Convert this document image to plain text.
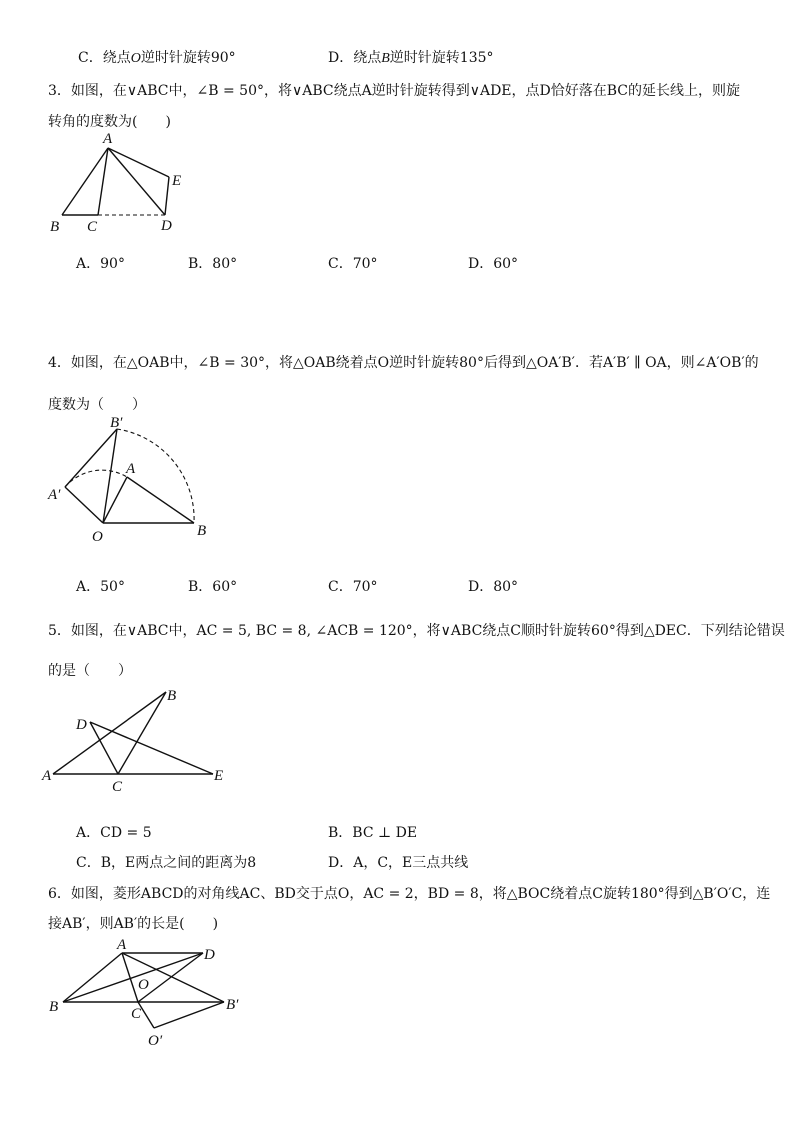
C．绕点O逆时针旋转90°	D．绕点B逆时针旋转135°
3．如图，在∨ABC中，∠B = 50°，将∨ABC绕点A逆时针旋转得到∨ADE，点D恰好落在BC的延长线上，则旋
转角的度数为(　　)
A
B C	D
E
A．90°	B．80°	C．70°	D．60°
4．如图，在△OAB中，∠B = 30°，将△OAB绕着点O逆时针旋转80°后得到△OA′B′．若A′B′ ∥ OA，则∠A′OB′的
度数为（　　）
B′
A′
A
O	B
A．50°	B．60°	C．70°	D．80°
5．如图，在∨ABC中，AC = 5, BC = 8, ∠ACB = 120°，将∨ABC绕点C顺时针旋转60°得到△DEC．下列结论错误
的是（　　）
B
D
A
C
E
A．CD = 5	B．BC ⊥ DE
C．B，E两点之间的距离为8	D．A，C，E三点共线
6．如图，菱形ABCD的对角线AC、BD交于点O，AC = 2，BD = 8，将△BOC绕着点C旋转180°得到△B′O′C，连
接AB′，则AB′的长是(　　)
A
D
O
B	C
B′
O′
